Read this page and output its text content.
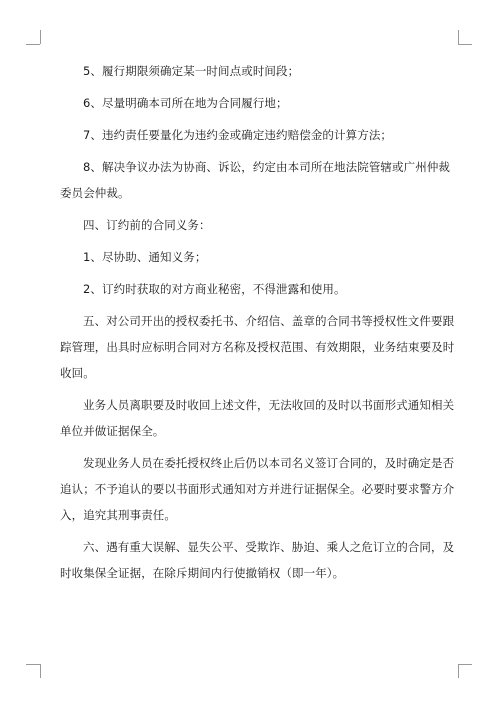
5、履行期限须确定某一时间点或时间段；

6、尽量明确本司所在地为合同履行地；

7、违约责任要量化为违约金或确定违约赔偿金的计算方法；

8、解决争议办法为协商、诉讼，约定由本司所在地法院管辖或广州仲裁委员会仲裁。

四、订约前的合同义务：

1、尽协助、通知义务；

2、订约时获取的对方商业秘密，不得泄露和使用。

五、对公司开出的授权委托书、介绍信、盖章的合同书等授权性文件要跟踪管理，出具时应标明合同对方名称及授权范围、有效期限，业务结束要及时收回。

业务人员离职要及时收回上述文件，无法收回的及时以书面形式通知相关单位并做证据保全。

发现业务人员在委托授权终止后仍以本司名义签订合同的，及时确定是否追认；不予追认的要以书面形式通知对方并进行证据保全。必要时要求警方介入，追究其刑事责任。

六、遇有重大误解、显失公平、受欺诈、胁迫、乘人之危订立的合同，及时收集保全证据，在除斥期间内行使撤销权（即一年）。
